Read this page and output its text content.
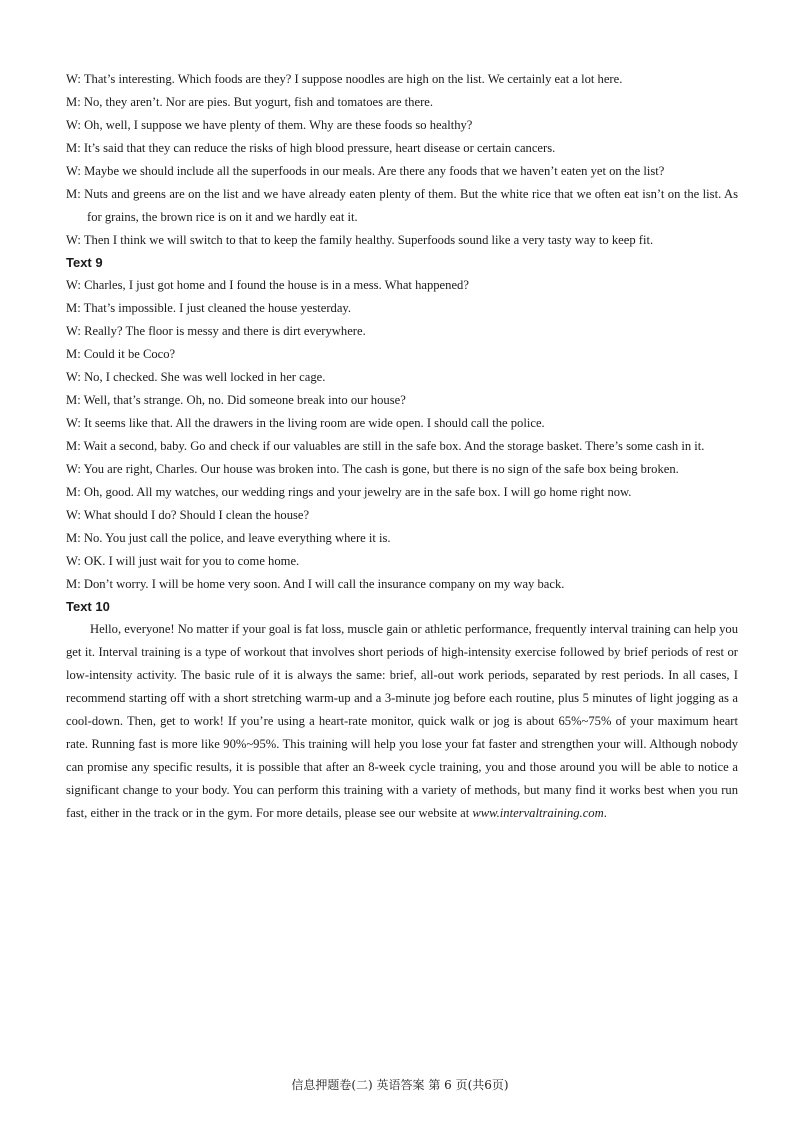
W: That’s interesting. Which foods are they? I suppose noodles are high on the list. We certainly eat a lot here.
M: No, they aren’t. Nor are pies. But yogurt, fish and tomatoes are there.
W: Oh, well, I suppose we have plenty of them. Why are these foods so healthy?
M: It’s said that they can reduce the risks of high blood pressure, heart disease or certain cancers.
W: Maybe we should include all the superfoods in our meals. Are there any foods that we haven’t eaten yet on the list?
M: Nuts and greens are on the list and we have already eaten plenty of them. But the white rice that we often eat isn’t on the list. As for grains, the brown rice is on it and we hardly eat it.
W: Then I think we will switch to that to keep the family healthy. Superfoods sound like a very tasty way to keep fit.
Text 9
W: Charles, I just got home and I found the house is in a mess. What happened?
M: That’s impossible. I just cleaned the house yesterday.
W: Really? The floor is messy and there is dirt everywhere.
M: Could it be Coco?
W: No, I checked. She was well locked in her cage.
M: Well, that’s strange. Oh, no. Did someone break into our house?
W: It seems like that. All the drawers in the living room are wide open. I should call the police.
M: Wait a second, baby. Go and check if our valuables are still in the safe box. And the storage basket. There’s some cash in it.
W: You are right, Charles. Our house was broken into. The cash is gone, but there is no sign of the safe box being broken.
M: Oh, good. All my watches, our wedding rings and your jewelry are in the safe box. I will go home right now.
W: What should I do? Should I clean the house?
M: No. You just call the police, and leave everything where it is.
W: OK. I will just wait for you to come home.
M: Don’t worry. I will be home very soon. And I will call the insurance company on my way back.
Text 10
Hello, everyone! No matter if your goal is fat loss, muscle gain or athletic performance, frequently interval training can help you get it. Interval training is a type of workout that involves short periods of high-intensity exercise followed by brief periods of rest or low-intensity activity. The basic rule of it is always the same: brief, all-out work periods, separated by rest periods. In all cases, I recommend starting off with a short stretching warm-up and a 3-minute jog before each routine, plus 5 minutes of light jogging as a cool-down. Then, get to work! If you’re using a heart-rate monitor, quick walk or jog is about 65%~75% of your maximum heart rate. Running fast is more like 90%~95%. This training will help you lose your fat faster and strengthen your will. Although nobody can promise any specific results, it is possible that after an 8-week cycle training, you and those around you will be able to notice a significant change to your body. You can perform this training with a variety of methods, but many find it works best when you run fast, either in the track or in the gym. For more details, please see our website at www.intervaltraining.com.
信息押题卷(二) 英语答案 第 6 页(共6页)
